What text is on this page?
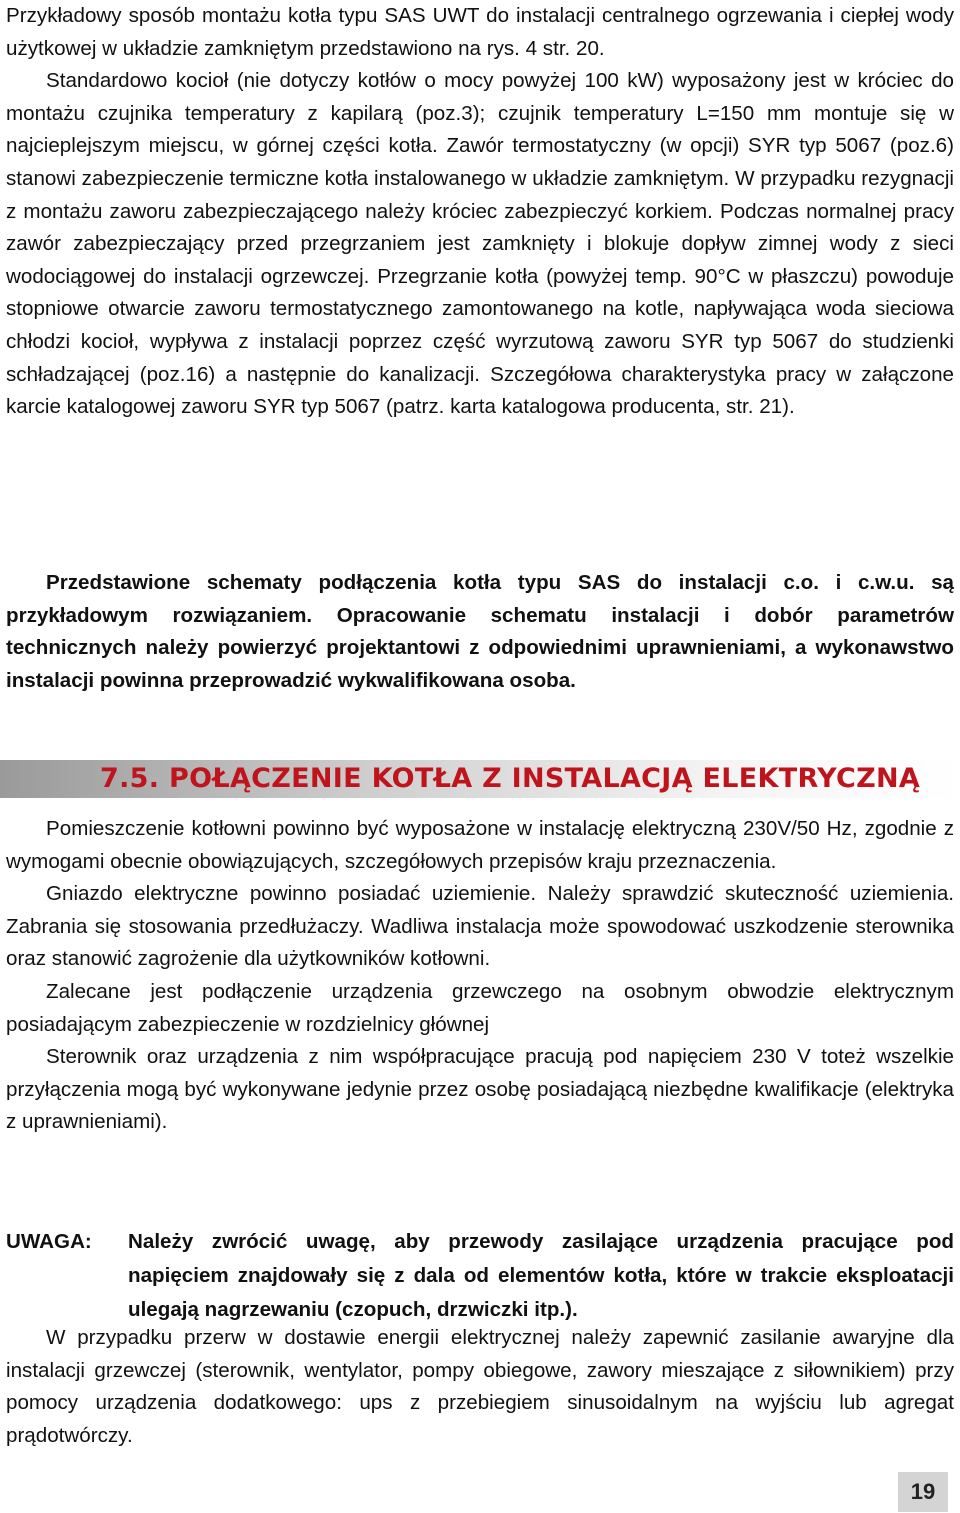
Przykładowy sposób montażu kotła typu SAS UWT do instalacji centralnego ogrzewania i ciepłej wody użytkowej w układzie zamkniętym przedstawiono na rys. 4 str. 20.

Standardowo kocioł (nie dotyczy kotłów o mocy powyżej 100 kW) wyposażony jest w króciec do montażu czujnika temperatury z kapilarą (poz.3); czujnik temperatury L=150 mm montuje się w najcieplejszym miejscu, w górnej części kotła. Zawór termostatyczny (w opcji) SYR typ 5067 (poz.6) stanowi zabezpieczenie termiczne kotła instalowanego w układzie zamkniętym. W przypadku rezygnacji z montażu zaworu zabezpieczającego należy króciec zabezpieczyć korkiem. Podczas normalnej pracy zawór zabezpieczający przed przegrzaniem jest zamknięty i blokuje dopływ zimnej wody z sieci wodociągowej do instalacji ogrzewczej. Przegrzanie kotła (powyżej temp. 90°C w płaszczu) powoduje stopniowe otwarcie zaworu termostatycznego zamontowanego na kotle, napływająca woda sieciowa chłodzi kocioł, wypływa z instalacji poprzez część wyrzutową zaworu SYR typ 5067 do studzienki schładzającej (poz.16) a następnie do kanalizacji. Szczegółowa charakterystyka pracy w załączone karcie katalogowej zaworu SYR typ 5067 (patrz. karta katalogowa producenta, str. 21).

Przedstawione schematy podłączenia kotła typu SAS do instalacji c.o. i c.w.u. są przykładowym rozwiązaniem. Opracowanie schematu instalacji i dobór parametrów technicznych należy powierzyć projektantowi z odpowiednimi uprawnieniami, a wykonawstwo instalacji powinna przeprowadzić wykwalifikowana osoba.

7.5. POŁĄCZENIE KOTŁA Z INSTALACJĄ ELEKTRYCZNĄ

Pomieszczenie kotłowni powinno być wyposażone w instalację elektryczną 230V/50 Hz, zgodnie z wymogami obecnie obowiązujących, szczegółowych przepisów kraju przeznaczenia.

Gniazdo elektryczne powinno posiadać uziemienie. Należy sprawdzić skuteczność uziemienia. Zabrania się stosowania przedłużaczy. Wadliwa instalacja może spowodować uszkodzenie sterownika oraz stanowić zagrożenie dla użytkowników kotłowni.

Zalecane jest podłączenie urządzenia grzewczego na osobnym obwodzie elektrycznym posiadającym zabezpieczenie w rozdzielnicy głównej

Sterownik oraz urządzenia z nim współpracujące pracują pod napięciem 230 V toteż wszelkie przyłączenia mogą być wykonywane jedynie przez osobę posiadającą niezbędne kwalifikacje (elektryka z uprawnieniami).

UWAGA: Należy zwrócić uwagę, aby przewody zasilające urządzenia pracujące pod napięciem znajdowały się z dala od elementów kotła, które w trakcie eksploatacji ulegają nagrzewaniu (czopuch, drzwiczki itp.).

W przypadku przerw w dostawie energii elektrycznej należy zapewnić zasilanie awaryjne dla instalacji grzewczej (sterownik, wentylator, pompy obiegowe, zawory mieszające z siłownikiem) przy pomocy urządzenia dodatkowego: ups z przebiegiem sinusoidalnym na wyjściu lub agregat prądotwórczy.

19
